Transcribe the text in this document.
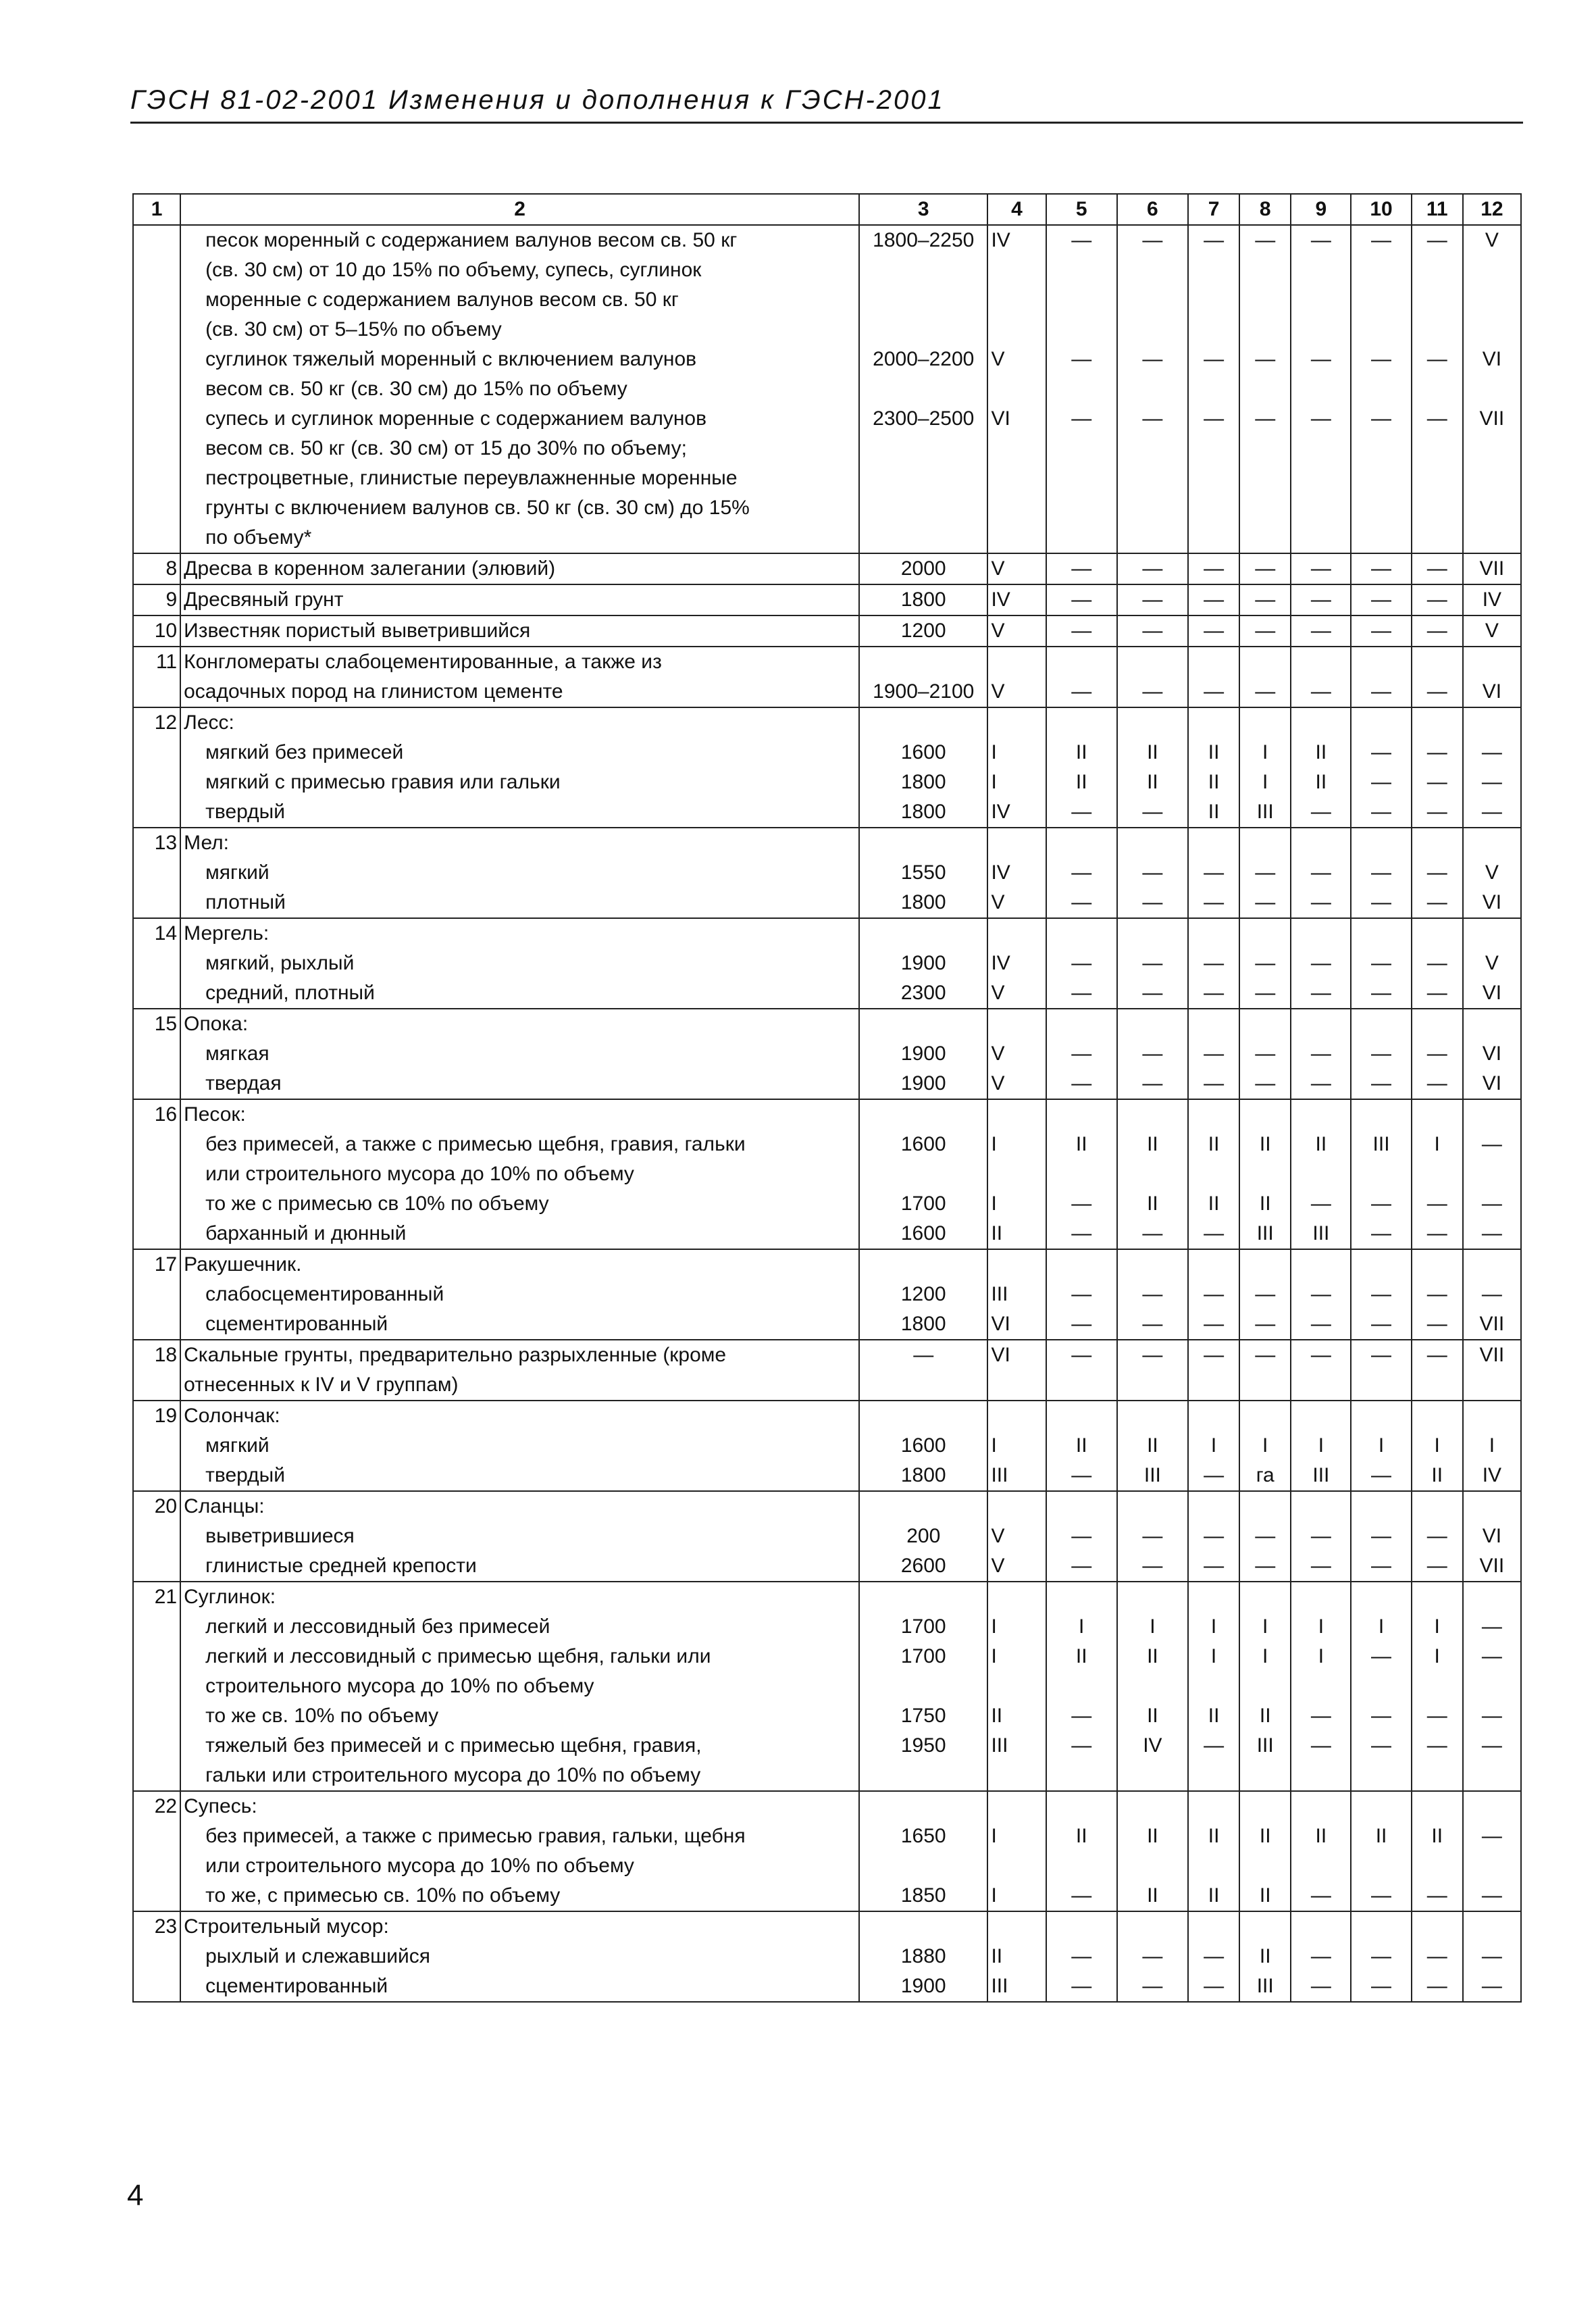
ГЭСН 81-02-2001 Изменения и дополнения к ГЭСН-2001
1	2	3	4	5	6	7	8	9	10	11	12
	песок моренный с содержанием валунов весом св. 50 кг	1800–2250	IV	—	—	—	—	—	—	—	V
	(св. 30 см) от 10 до 15% по объему, супесь, суглинок										
	моренные с содержанием валунов весом св. 50 кг										
	(св. 30 см) от 5–15% по объему										
	суглинок тяжелый моренный с включением валунов	2000–2200	V	—	—	—	—	—	—	—	VI
	весом св. 50 кг (св. 30 см) до 15% по объему										
	супесь и суглинок моренные с содержанием валунов	2300–2500	VI	—	—	—	—	—	—	—	VII
	весом св. 50 кг (св. 30 см) от 15 до 30% по объему;										
	пестроцветные, глинистые переувлажненные моренные										
	грунты с включением валунов св. 50 кг (св. 30 см) до 15%										
	по объему*										
8	Дресва в коренном залегании (элювий)	2000	V	—	—	—	—	—	—	—	VII
9	Дресвяный грунт	1800	IV	—	—	—	—	—	—	—	IV
10	Известняк пористый выветрившийся	1200	V	—	—	—	—	—	—	—	V
11	Конгломераты слабоцементированные, а также из										
	осадочных пород на глинистом цементе	1900–2100	V	—	—	—	—	—	—	—	VI
12	Лесс:										
	мягкий без примесей	1600	I	II	II	II	I	II	—	—	—
	мягкий с примесью гравия или гальки	1800	I	II	II	II	I	II	—	—	—
	твердый	1800	IV	—	—	II	III	—	—	—	—
13	Мел:										
	мягкий	1550	IV	—	—	—	—	—	—	—	V
	плотный	1800	V	—	—	—	—	—	—	—	VI
14	Мергель:										
	мягкий, рыхлый	1900	IV	—	—	—	—	—	—	—	V
	средний, плотный	2300	V	—	—	—	—	—	—	—	VI
15	Опока:										
	мягкая	1900	V	—	—	—	—	—	—	—	VI
	твердая	1900	V	—	—	—	—	—	—	—	VI
16	Песок:										
	без примесей, а также с примесью щебня, гравия, гальки	1600	I	II	II	II	II	II	III	I	—
	или строительного мусора до 10% по объему										
	то же с примесью св 10% по объему	1700	I	—	II	II	II	—	—	—	—
	барханный и дюнный	1600	II	—	—	—	III	III	—	—	—
17	Ракушечник.										
	слабосцементированный	1200	III	—	—	—	—	—	—	—	—
	сцементированный	1800	VI	—	—	—	—	—	—	—	VII
18	Скальные грунты, предварительно разрыхленные (кроме	—	VI	—	—	—	—	—	—	—	VII
	отнесенных к IV и V группам)										
19	Солончак:										
	мягкий	1600	I	II	II	I	I	I	I	I	I
	твердый	1800	III	—	III	—	га	III	—	II	IV
20	Сланцы:										
	выветрившиеся	200	V	—	—	—	—	—	—	—	VI
	глинистые средней крепости	2600	V	—	—	—	—	—	—	—	VII
21	Суглинок:										
	легкий и лессовидный без примесей	1700	I	I	I	I	I	I	I	I	—
	легкий и лессовидный с примесью щебня, гальки или	1700	I	II	II	I	I	I	—	I	—
	строительного мусора до 10% по объему										
	то же св. 10% по объему	1750	II	—	II	II	II	—	—	—	—
	тяжелый без примесей и с примесью щебня, гравия,	1950	III	—	IV	—	III	—	—	—	—
	гальки или строительного мусора до 10% по объему										
22	Супесь:										
	без примесей, а также с примесью гравия, гальки, щебня	1650	I	II	II	II	II	II	II	II	—
	или строительного мусора до 10% по объему										
	то же, с примесью св. 10% по объему	1850	I	—	II	II	II	—	—	—	—
23	Строительный мусор:										
	рыхлый и слежавшийся	1880	II	—	—	—	II	—	—	—	—
	сцементированный	1900	III	—	—	—	III	—	—	—	—
4
